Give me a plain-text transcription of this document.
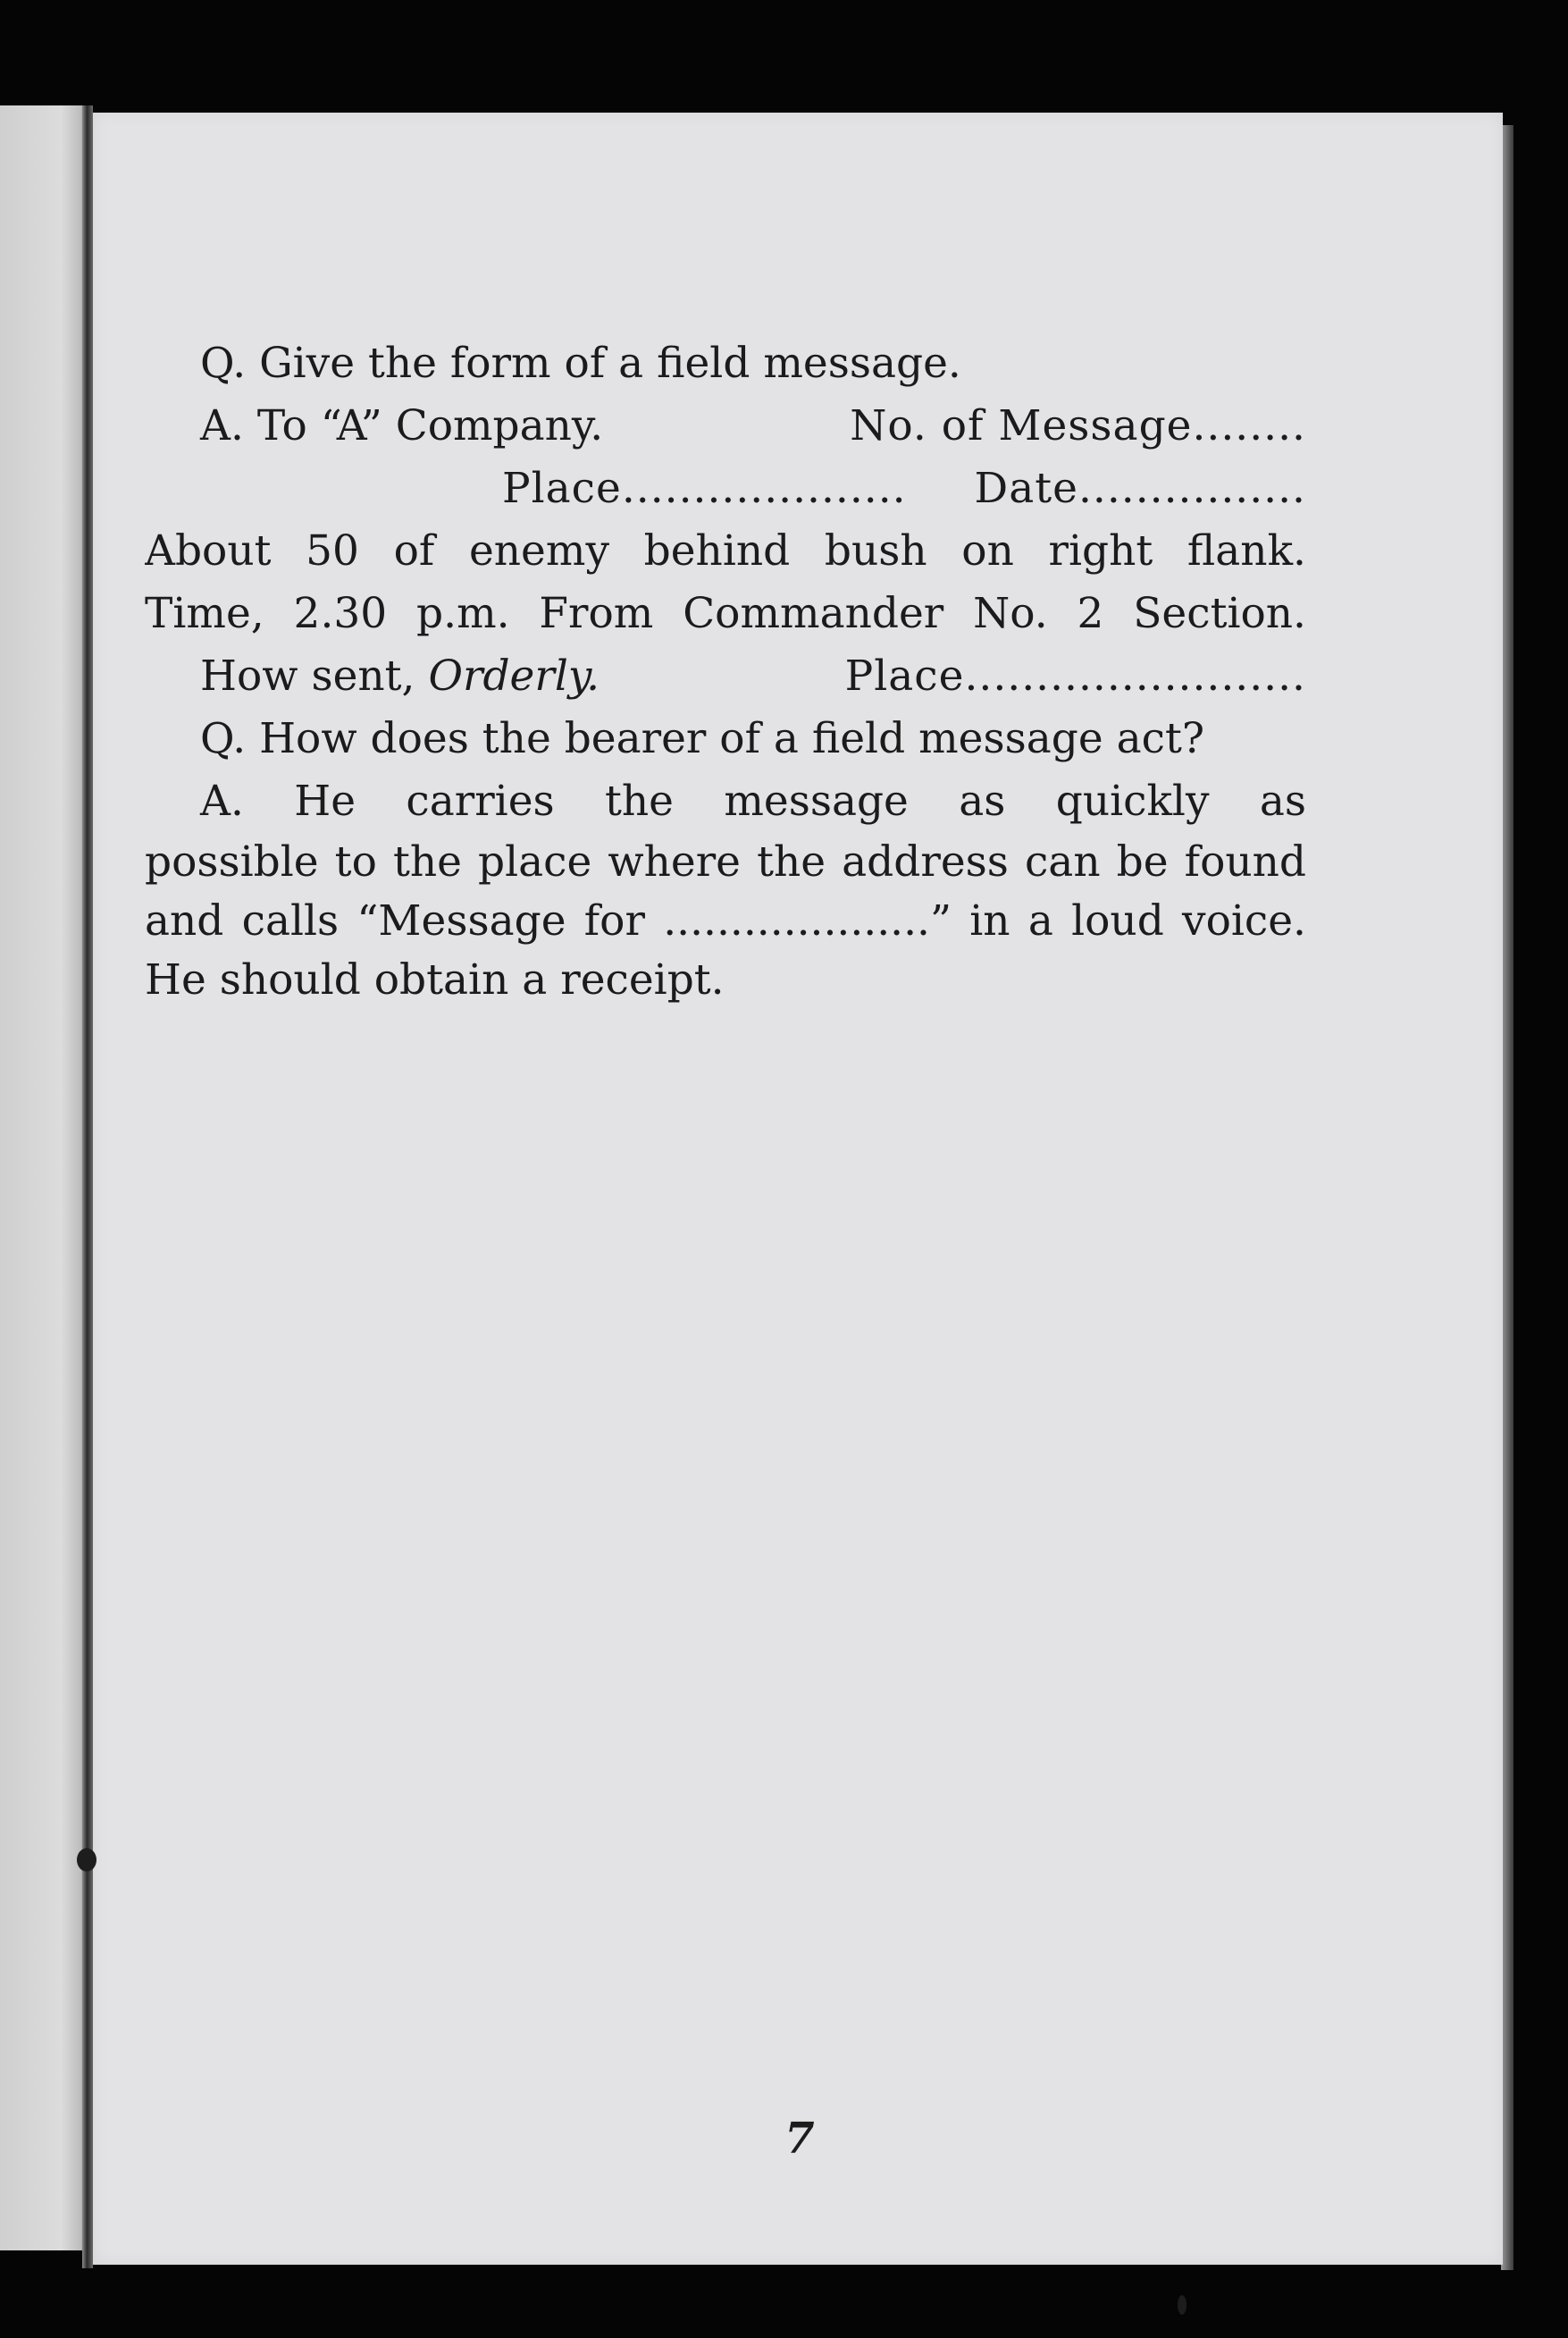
Q. Give the form of a field message.
A. To “A” Company.	No. of Message........
Place.................... Date................
About 50 of enemy behind bush on right flank.
Time, 2.30 p.m. From Commander No. 2 Section.
How sent, Orderly.	Place........................
Q. How does the bearer of a field message act?
A. He carries the message as quickly as
possible to the place where the address can be found and calls “Message for ....................” in a loud voice. He should obtain a receipt.
7
